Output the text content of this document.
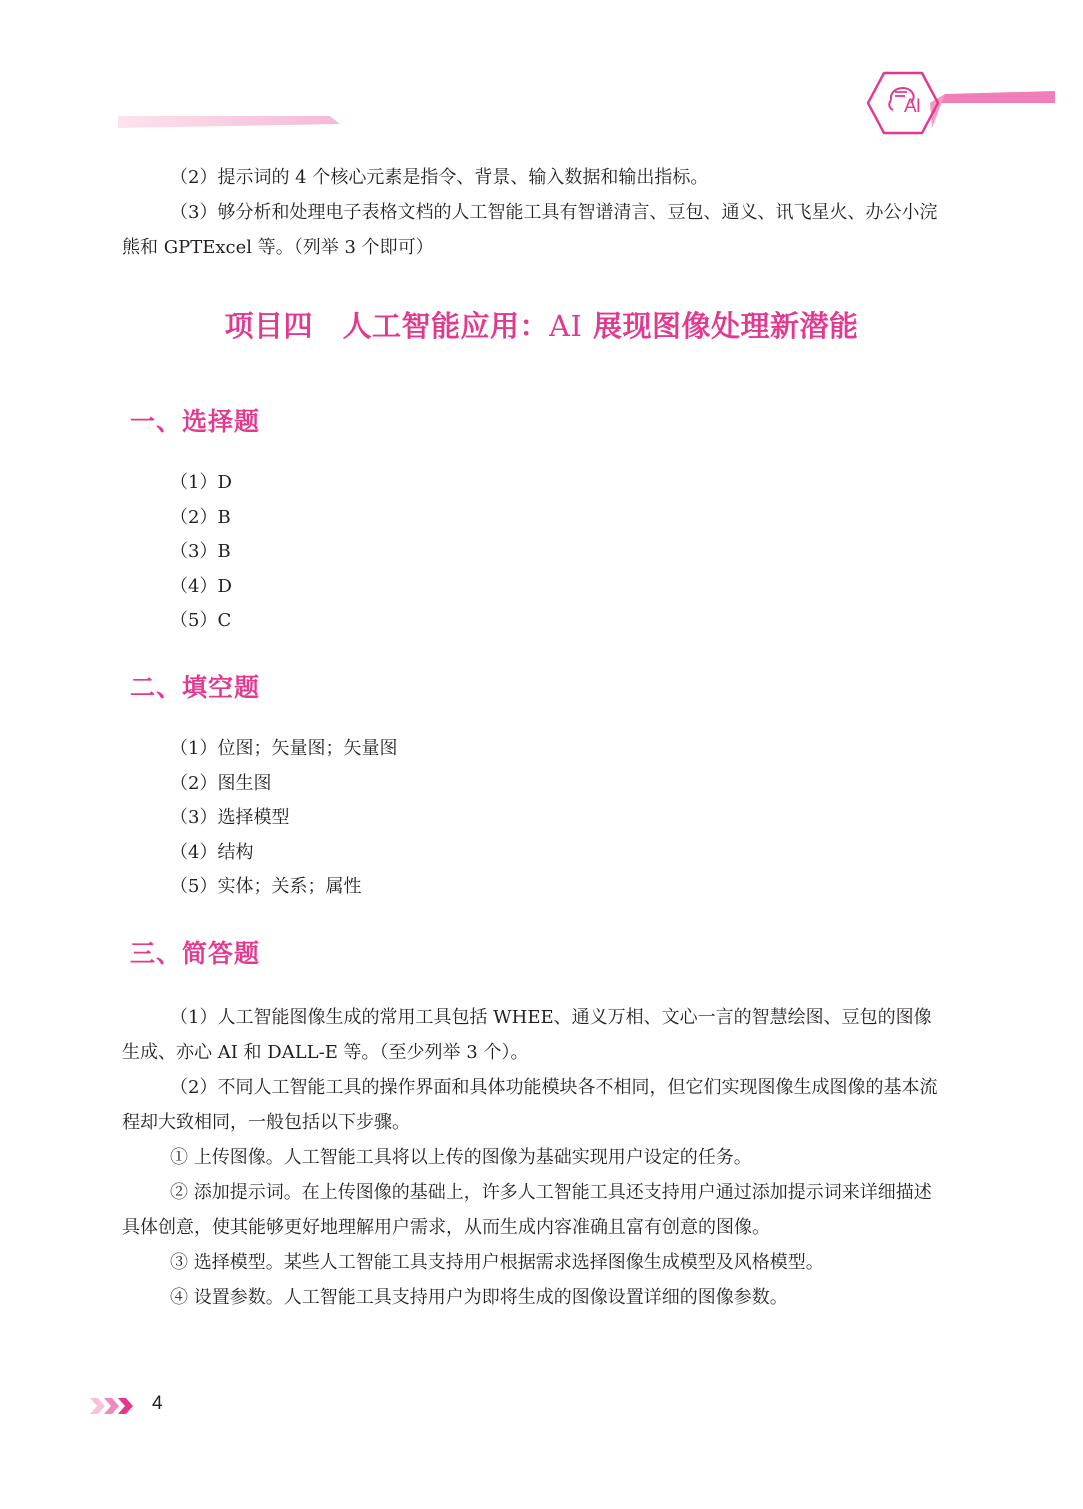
AI

（2）提示词的 4 个核心元素是指令、背景、输入数据和输出指标。

（3）够分析和处理电子表格文档的人工智能工具有智谱清言、豆包、通义、讯飞星火、办公小浣熊和 GPTExcel 等。（列举 3 个即可）

项目四　人工智能应用：AI 展现图像处理新潜能
一、选择题
（1）D
（2）B
（3）B
（4）D
（5）C
二、填空题
（1）位图；矢量图；矢量图
（2）图生图
（3）选择模型
（4）结构
（5）实体；关系；属性
三、简答题

（1）人工智能图像生成的常用工具包括 WHEE、通义万相、文心一言的智慧绘图、豆包的图像生成、亦心 AI 和 DALL-E 等。（至少列举 3 个）。

（2）不同人工智能工具的操作界面和具体功能模块各不相同，但它们实现图像生成图像的基本流程却大致相同，一般包括以下步骤。

① 上传图像。人工智能工具将以上传的图像为基础实现用户设定的任务。

② 添加提示词。在上传图像的基础上，许多人工智能工具还支持用户通过添加提示词来详细描述具体创意，使其能够更好地理解用户需求，从而生成内容准确且富有创意的图像。

③ 选择模型。某些人工智能工具支持用户根据需求选择图像生成模型及风格模型。

④ 设置参数。人工智能工具支持用户为即将生成的图像设置详细的图像参数。

4
